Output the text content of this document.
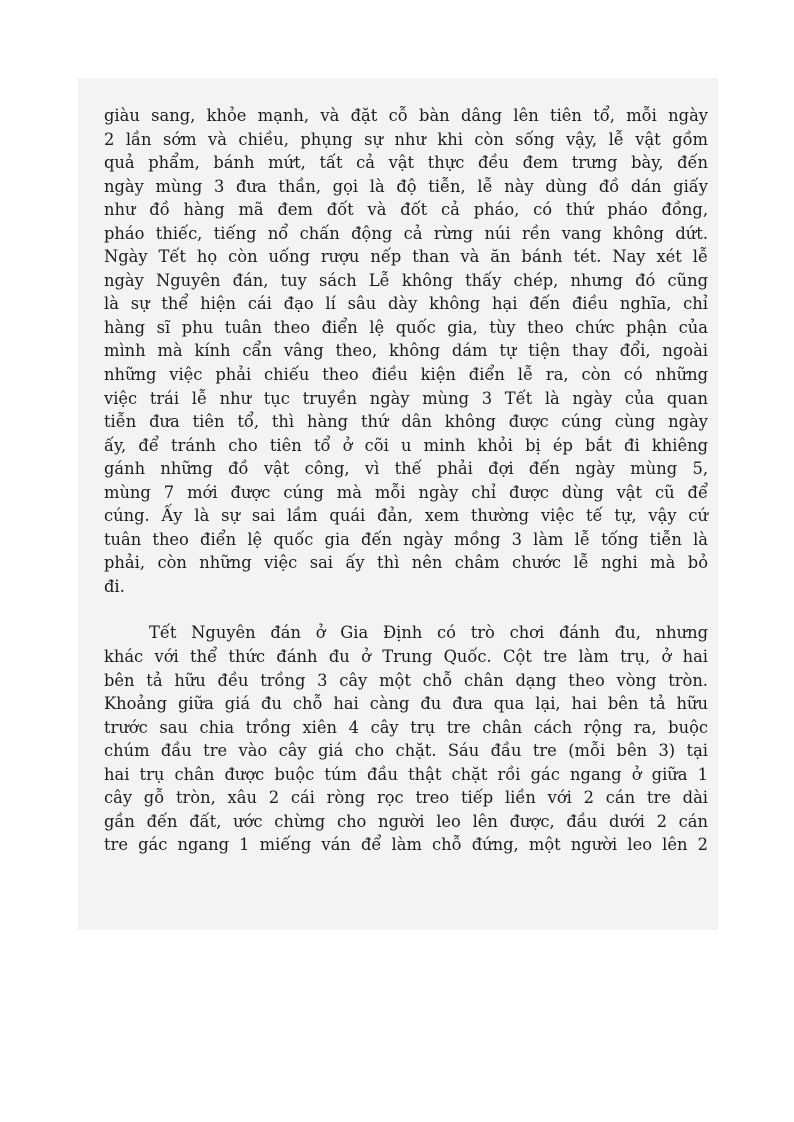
giàu sang, khỏe mạnh, và đặt cỗ bàn dâng lên tiên tổ, mỗi ngày
2 lần sớm và chiều, phụng sự như khi còn sống vậy, lễ vật gồm
quả phẩm, bánh mứt, tất cả vật thực đều đem trưng bày, đến
ngày mùng 3 đưa thần, gọi là độ tiễn, lễ này dùng đồ dán giấy
như đồ hàng mã đem đốt và đốt cả pháo, có thứ pháo đồng,
pháo thiếc, tiếng nổ chấn động cả rừng núi rền vang không dứt.
Ngày Tết họ còn uống rượu nếp than và ăn bánh tét. Nay xét lễ
ngày Nguyên đán, tuy sách Lễ không thấy chép, nhưng đó cũng
là sự thể hiện cái đạo lí sâu dày không hại đến điều nghĩa, chỉ
hàng sĩ phu tuân theo điển lệ quốc gia, tùy theo chức phận của
mình mà kính cẩn vâng theo, không dám tự tiện thay đổi, ngoài
những việc phải chiếu theo điều kiện điển lễ ra, còn có những
việc trái lễ như tục truyền ngày mùng 3 Tết là ngày của quan
tiễn đưa tiên tổ, thì hàng thứ dân không được cúng cùng ngày
ấy, để tránh cho tiên tổ ở cõi u minh khỏi bị ép bắt đi khiêng
gánh những đồ vật công, vì thế phải đợi đến ngày mùng 5,
mùng 7 mới được cúng mà mỗi ngày chỉ được dùng vật cũ để
cúng. Ấy là sự sai lầm quái đản, xem thường việc tế tự, vậy cứ
tuân theo điển lệ quốc gia đến ngày mồng 3 làm lễ tống tiễn là
phải, còn những việc sai ấy thì nên châm chước lễ nghi mà bỏ
đi.
Tết Nguyên đán ở Gia Định có trò chơi đánh đu, nhưng
khác với thể thức đánh đu ở Trung Quốc. Cột tre làm trụ, ở hai
bên tả hữu đều trồng 3 cây một chỗ chân dạng theo vòng tròn.
Khoảng giữa giá đu chỗ hai càng đu đưa qua lại, hai bên tả hữu
trước sau chia trồng xiên 4 cây trụ tre chân cách rộng ra, buộc
chúm đầu tre vào cây giá cho chặt. Sáu đầu tre (mỗi bên 3) tại
hai trụ chân được buộc túm đầu thật chặt rồi gác ngang ở giữa 1
cây gỗ tròn, xâu 2 cái ròng rọc treo tiếp liền với 2 cán tre dài
gần đến đất, ước chừng cho người leo lên được, đầu dưới 2 cán
tre gác ngang 1 miếng ván để làm chỗ đứng, một người leo lên 2
